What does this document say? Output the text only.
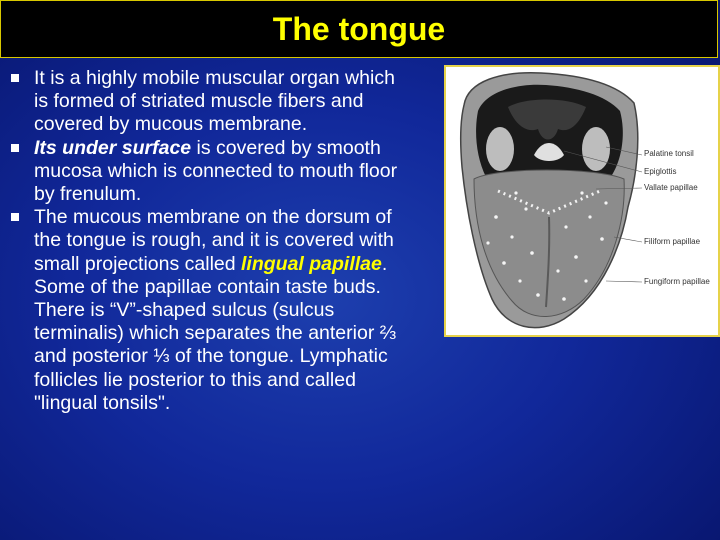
The tongue
It is a highly mobile muscular organ which is formed of striated muscle fibers and covered by mucous membrane.
Its under surface is covered by smooth mucosa which is connected to mouth floor by frenulum.
The mucous membrane on the dorsum of the tongue is rough, and it is covered with small projections called lingual papillae. Some of the papillae contain taste buds. There is “V”-shaped sulcus (sulcus terminalis) which separates the anterior ⅔ and posterior ⅓ of the tongue. Lymphatic follicles lie posterior to this and called "lingual tonsils".
Palatine tonsil
Epiglottis
Vallate papillae
Filiform papillae
Fungiform papillae
